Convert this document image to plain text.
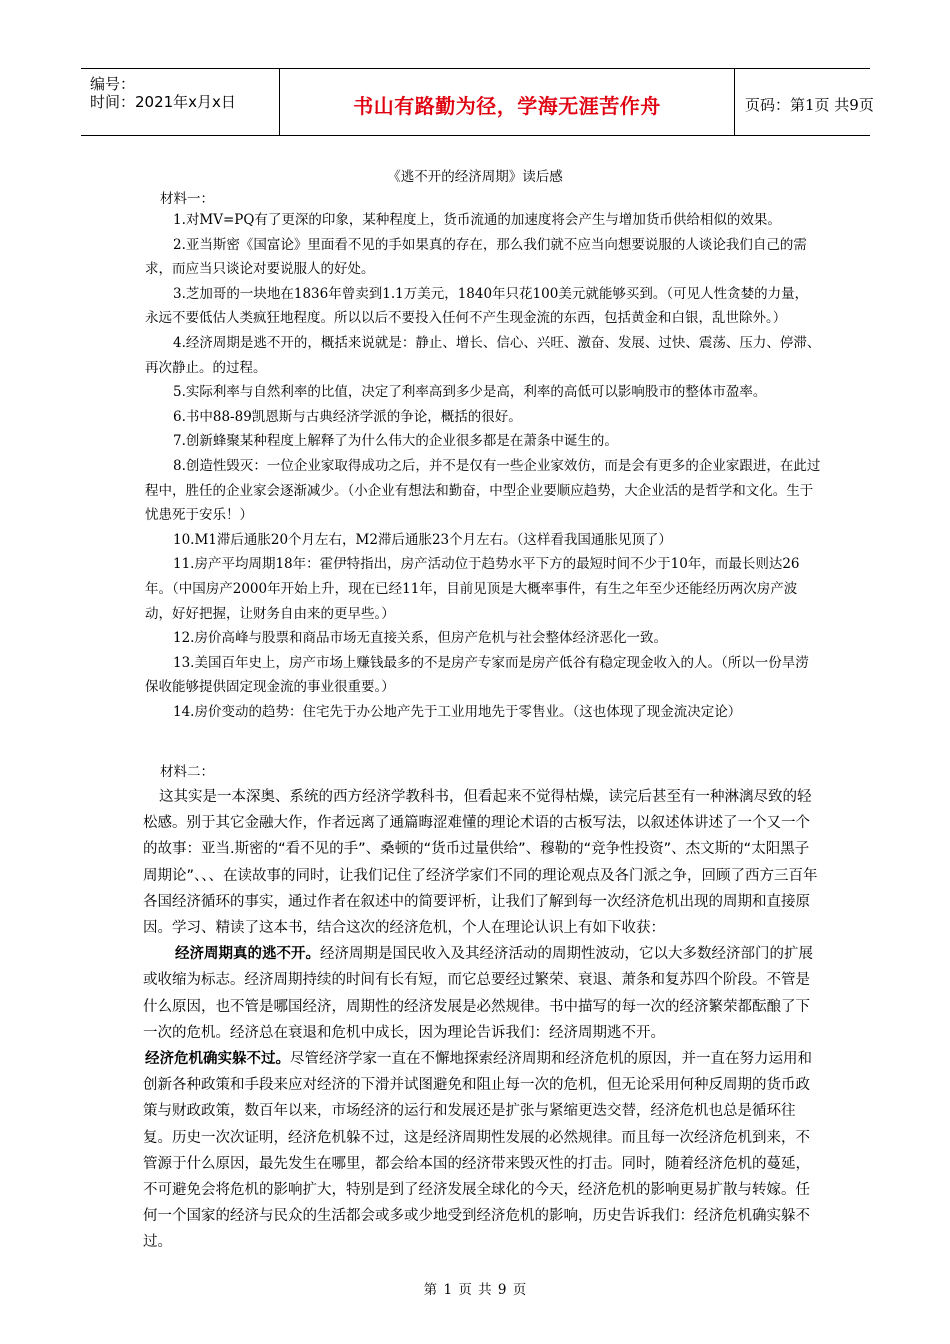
编号：
时间：2021年x月x日	书山有路勤为径，学海无涯苦作舟	页码：第1页 共9页
《逃不开的经济周期》读后感
材料一：

1.对MV=PQ有了更深的印象，某种程度上，货币流通的加速度将会产生与增加货币供给相似的效果。

2.亚当斯密《国富论》里面看不见的手如果真的存在，那么我们就不应当向想要说服的人谈论我们自己的需求，而应当只谈论对要说服人的好处。

3.芝加哥的一块地在1836年曾卖到1.1万美元，1840年只花100美元就能够买到。（可见人性贪婪的力量，永远不要低估人类疯狂地程度。所以以后不要投入任何不产生现金流的东西，包括黄金和白银，乱世除外。）

4.经济周期是逃不开的，概括来说就是：静止、增长、信心、兴旺、激奋、发展、过快、震荡、压力、停滞、再次静止。的过程。

5.实际利率与自然利率的比值，决定了利率高到多少是高，利率的高低可以影响股市的整体市盈率。

6.书中88-89凯恩斯与古典经济学派的争论，概括的很好。

7.创新蜂聚某种程度上解释了为什么伟大的企业很多都是在萧条中诞生的。

8.创造性毁灭：一位企业家取得成功之后，并不是仅有一些企业家效仿，而是会有更多的企业家跟进，在此过程中，胜任的企业家会逐渐减少。（小企业有想法和勤奋，中型企业要顺应趋势，大企业活的是哲学和文化。生于忧患死于安乐！）

10.M1滞后通胀20个月左右，M2滞后通胀23个月左右。（这样看我国通胀见顶了）

11.房产平均周期18年：霍伊特指出，房产活动位于趋势水平下方的最短时间不少于10年，而最长则达26年。（中国房产2000年开始上升，现在已经11年，目前见顶是大概率事件，有生之年至少还能经历两次房产波动，好好把握，让财务自由来的更早些。）

12.房价高峰与股票和商品市场无直接关系，但房产危机与社会整体经济恶化一致。

13.美国百年史上，房产市场上赚钱最多的不是房产专家而是房产低谷有稳定现金收入的人。（所以一份旱涝保收能够提供固定现金流的事业很重要。）

14.房价变动的趋势：住宅先于办公地产先于工业用地先于零售业。（这也体现了现金流决定论）

材料二：

这其实是一本深奥、系统的西方经济学教科书，但看起来不觉得枯燥，读完后甚至有一种淋漓尽致的轻松感。别于其它金融大作，作者远离了通篇晦涩难懂的理论术语的古板写法，以叙述体讲述了一个又一个的故事：亚当.斯密的“看不见的手”、桑顿的“货币过量供给”、穆勒的“竞争性投资”、杰文斯的“太阳黑子周期论”、、、在读故事的同时，让我们记住了经济学家们不同的理论观点及各门派之争，回顾了西方三百年各国经济循环的事实，通过作者在叙述中的简要评析，让我们了解到每一次经济危机出现的周期和直接原因。学习、精读了这本书，结合这次的经济危机，个人在理论认识上有如下收获：

经济周期真的逃不开。经济周期是国民收入及其经济活动的周期性波动，它以大多数经济部门的扩展或收缩为标志。经济周期持续的时间有长有短，而它总要经过繁荣、衰退、萧条和复苏四个阶段。不管是什么原因，也不管是哪国经济，周期性的经济发展是必然规律。书中描写的每一次的经济繁荣都酝酿了下一次的危机。经济总在衰退和危机中成长，因为理论告诉我们：经济周期逃不开。

经济危机确实躲不过。尽管经济学家一直在不懈地探索经济周期和经济危机的原因，并一直在努力运用和创新各种政策和手段来应对经济的下滑并试图避免和阻止每一次的危机，但无论采用何种反周期的货币政策与财政政策，数百年以来，市场经济的运行和发展还是扩张与紧缩更迭交替，经济危机也总是循环往复。历史一次次证明，经济危机躲不过，这是经济周期性发展的必然规律。而且每一次经济危机到来，不管源于什么原因，最先发生在哪里，都会给本国的经济带来毁灭性的打击。同时，随着经济危机的蔓延，不可避免会将危机的影响扩大，特别是到了经济发展全球化的今天，经济危机的影响更易扩散与转嫁。任何一个国家的经济与民众的生活都会或多或少地受到经济危机的影响，历史告诉我们：经济危机确实躲不过。

第 1 页 共 9 页
